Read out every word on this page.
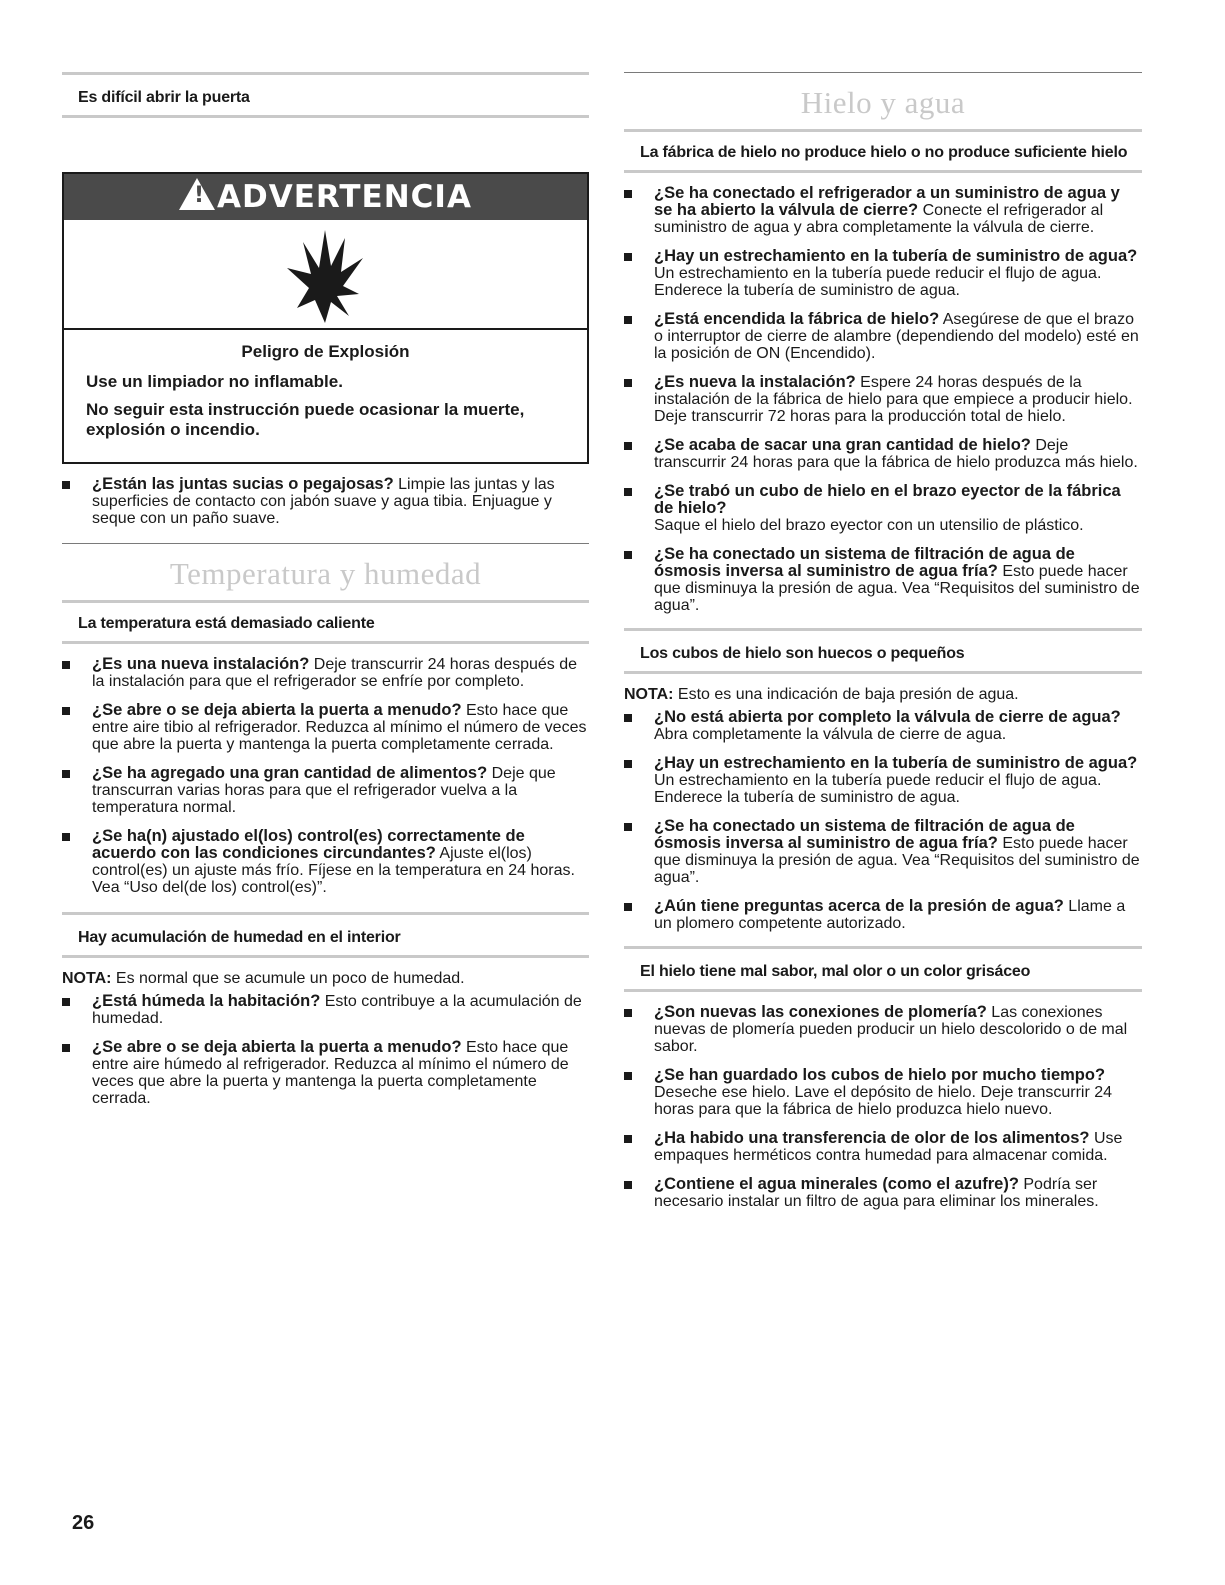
Es difícil abrir la puerta
! ADVERTENCIA
Peligro de Explosión

Use un limpiador no inflamable.

No seguir esta instrucción puede ocasionar la muerte, explosión o incendio.

¿Están las juntas sucias o pegajosas? Limpie las juntas y las superficies de contacto con jabón suave y agua tibia. Enjuague y seque con un paño suave.
Temperatura y humedad
La temperatura está demasiado caliente
¿Es una nueva instalación? Deje transcurrir 24 horas después de la instalación para que el refrigerador se enfríe por completo.
¿Se abre o se deja abierta la puerta a menudo? Esto hace que entre aire tibio al refrigerador. Reduzca al mínimo el número de veces que abre la puerta y mantenga la puerta completamente cerrada.
¿Se ha agregado una gran cantidad de alimentos? Deje que transcurran varias horas para que el refrigerador vuelva a la temperatura normal.
¿Se ha(n) ajustado el(los) control(es) correctamente de acuerdo con las condiciones circundantes? Ajuste el(los) control(es) un ajuste más frío. Fíjese en la temperatura en 24 horas. Vea “Uso del(de los) control(es)”.
Hay acumulación de humedad en el interior
NOTA: Es normal que se acumule un poco de humedad.
¿Está húmeda la habitación? Esto contribuye a la acumulación de humedad.
¿Se abre o se deja abierta la puerta a menudo? Esto hace que entre aire húmedo al refrigerador. Reduzca al mínimo el número de veces que abre la puerta y mantenga la puerta completamente cerrada.
Hielo y agua
La fábrica de hielo no produce hielo o no produce suficiente hielo
¿Se ha conectado el refrigerador a un suministro de agua y se ha abierto la válvula de cierre? Conecte el refrigerador al suministro de agua y abra completamente la válvula de cierre.
¿Hay un estrechamiento en la tubería de suministro de agua? Un estrechamiento en la tubería puede reducir el flujo de agua. Enderece la tubería de suministro de agua.
¿Está encendida la fábrica de hielo? Asegúrese de que el brazo o interruptor de cierre de alambre (dependiendo del modelo) esté en la posición de ON (Encendido).
¿Es nueva la instalación? Espere 24 horas después de la instalación de la fábrica de hielo para que empiece a producir hielo. Deje transcurrir 72 horas para la producción total de hielo.
¿Se acaba de sacar una gran cantidad de hielo? Deje transcurrir 24 horas para que la fábrica de hielo produzca más hielo.
¿Se trabó un cubo de hielo en el brazo eyector de la fábrica de hielo?
Saque el hielo del brazo eyector con un utensilio de plástico.
¿Se ha conectado un sistema de filtración de agua de ósmosis inversa al suministro de agua fría? Esto puede hacer que disminuya la presión de agua. Vea “Requisitos del suministro de agua”.
Los cubos de hielo son huecos o pequeños
NOTA: Esto es una indicación de baja presión de agua.
¿No está abierta por completo la válvula de cierre de agua? Abra completamente la válvula de cierre de agua.
¿Hay un estrechamiento en la tubería de suministro de agua? Un estrechamiento en la tubería puede reducir el flujo de agua. Enderece la tubería de suministro de agua.
¿Se ha conectado un sistema de filtración de agua de ósmosis inversa al suministro de agua fría? Esto puede hacer que disminuya la presión de agua. Vea “Requisitos del suministro de agua”.
¿Aún tiene preguntas acerca de la presión de agua? Llame a un plomero competente autorizado.
El hielo tiene mal sabor, mal olor o un color grisáceo
¿Son nuevas las conexiones de plomería? Las conexiones nuevas de plomería pueden producir un hielo descolorido o de mal sabor.
¿Se han guardado los cubos de hielo por mucho tiempo? Deseche ese hielo. Lave el depósito de hielo. Deje transcurrir 24 horas para que la fábrica de hielo produzca hielo nuevo.
¿Ha habido una transferencia de olor de los alimentos? Use empaques herméticos contra humedad para almacenar comida.
¿Contiene el agua minerales (como el azufre)? Podría ser necesario instalar un filtro de agua para eliminar los minerales.
26
